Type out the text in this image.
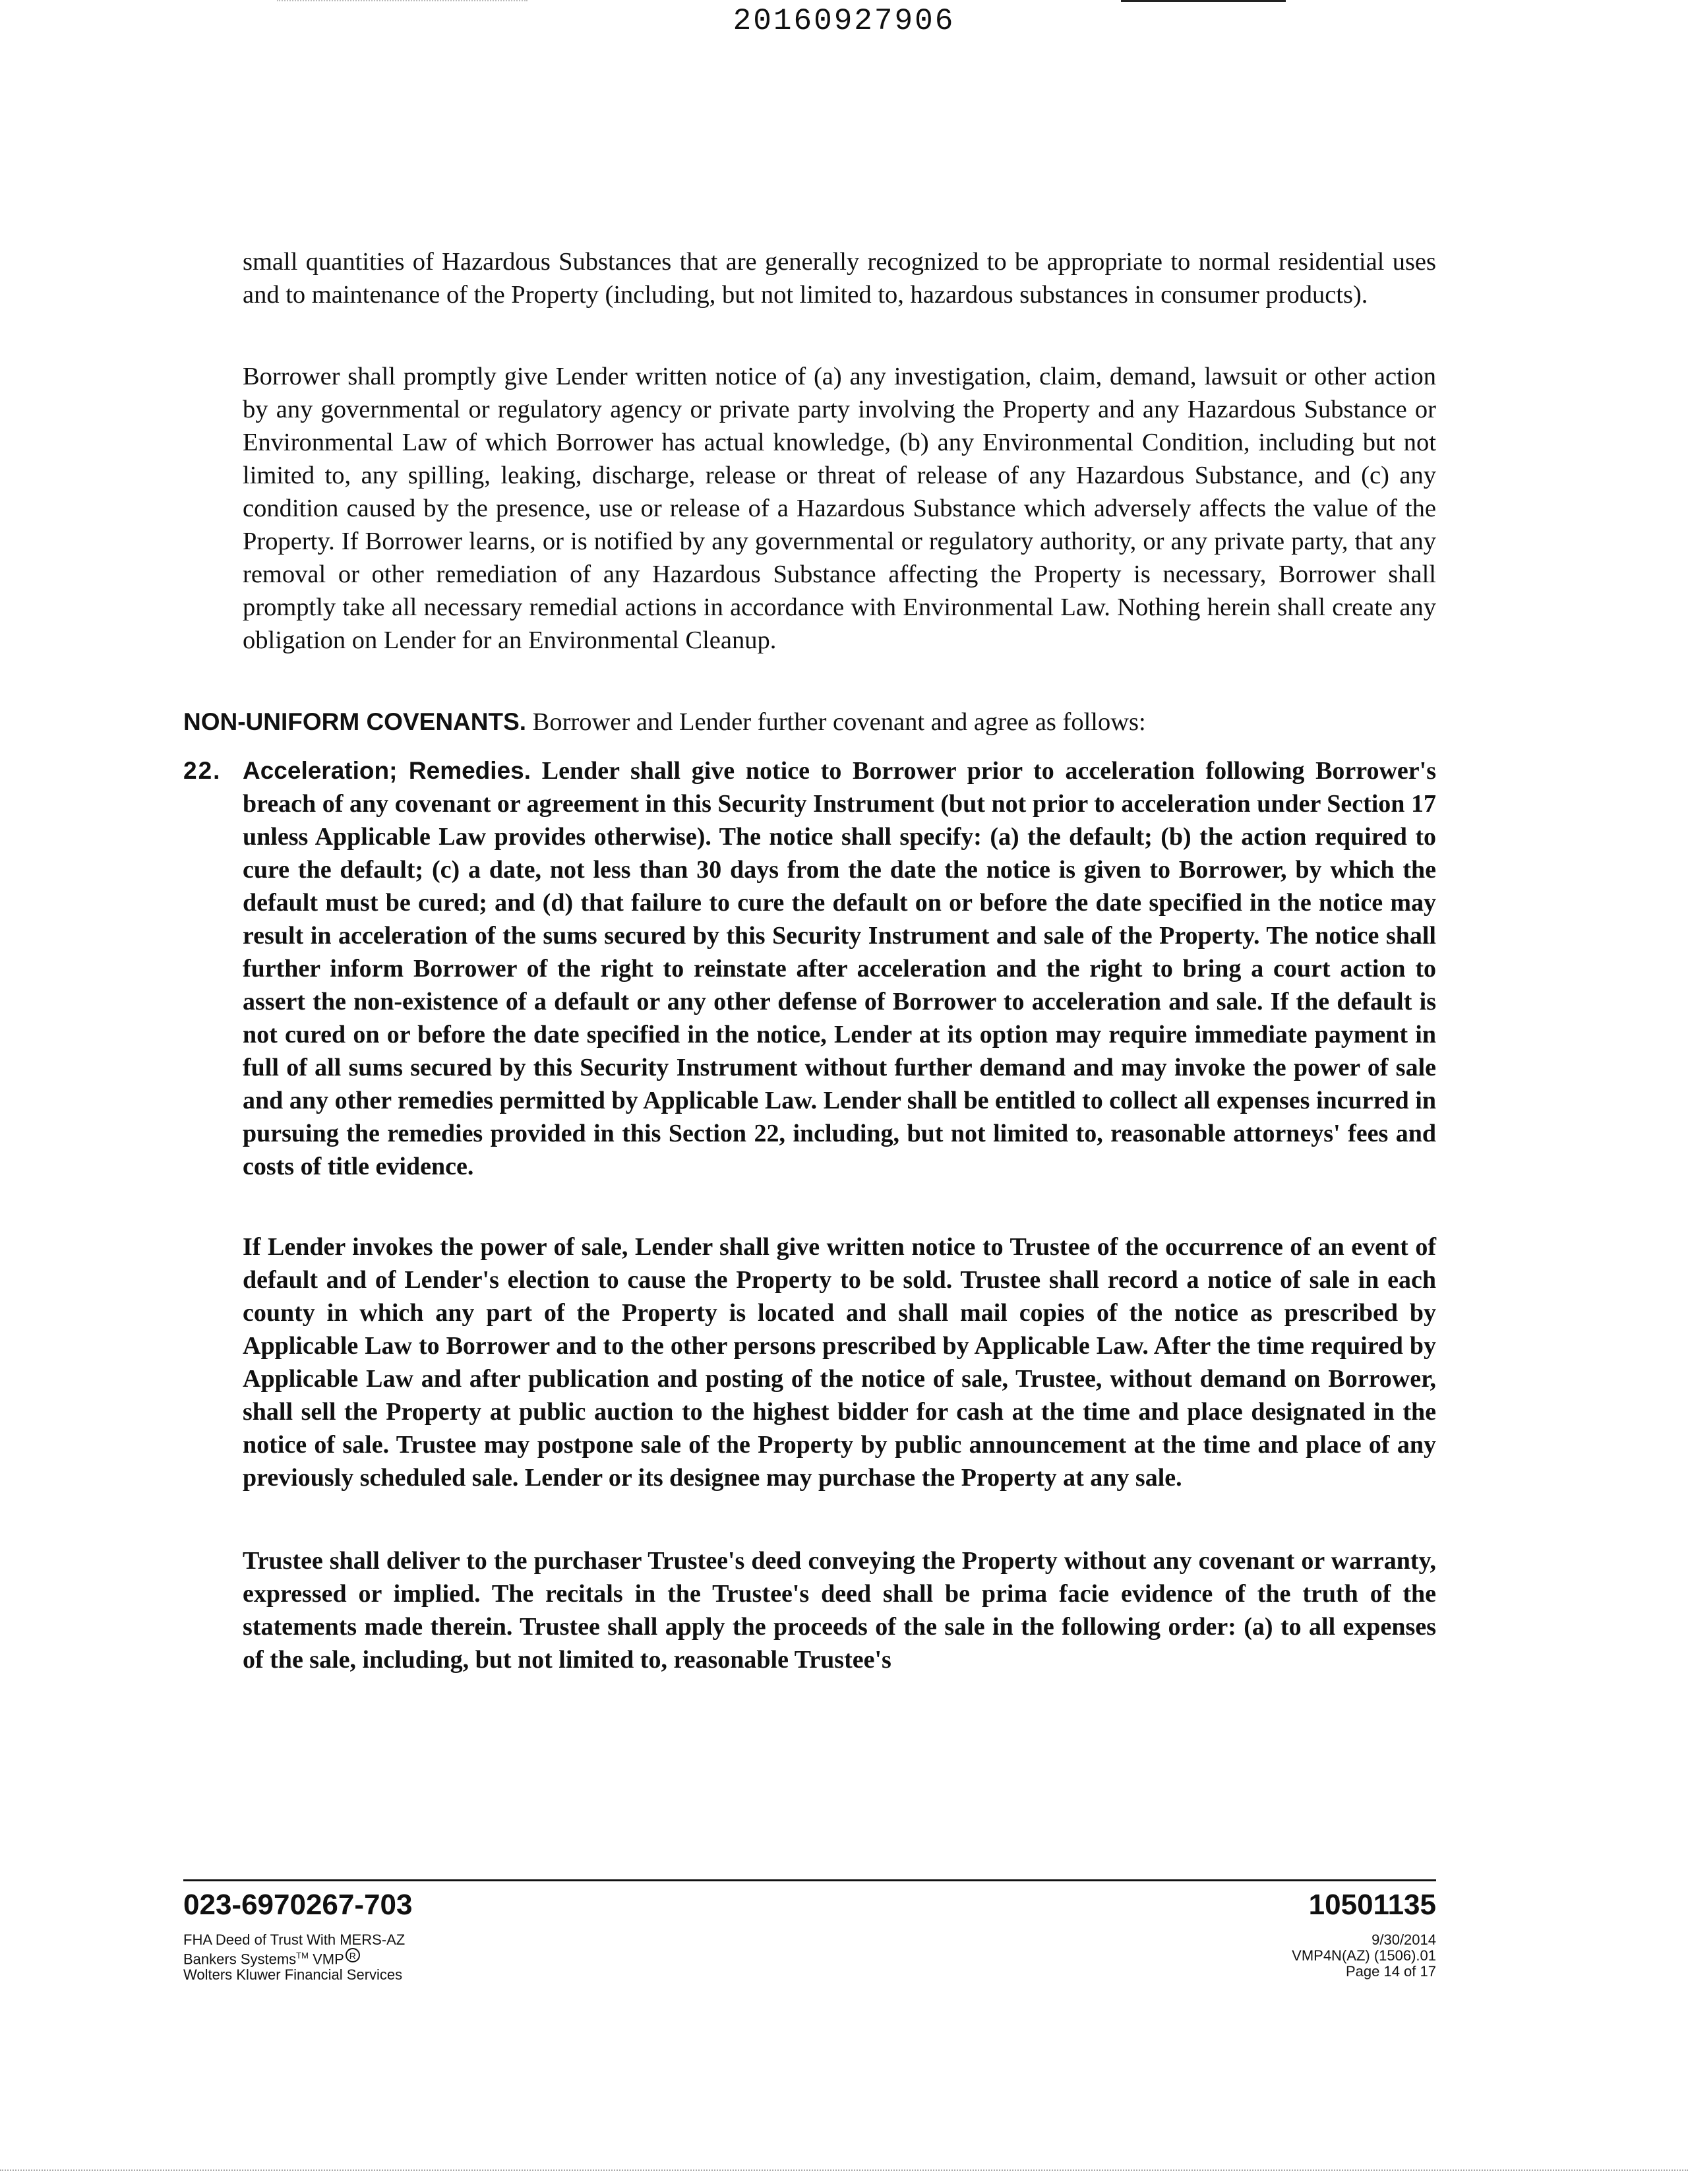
20160927906

small quantities of Hazardous Substances that are generally recognized to be appropriate to normal residential uses and to maintenance of the Property (including, but not limited to, hazardous substances in consumer products).

Borrower shall promptly give Lender written notice of (a) any investigation, claim, demand, lawsuit or other action by any governmental or regulatory agency or private party involving the Property and any Hazardous Substance or Environmental Law of which Borrower has actual knowledge, (b) any Environmental Condition, including but not limited to, any spilling, leaking, discharge, release or threat of release of any Hazardous Substance, and (c) any condition caused by the presence, use or release of a Hazardous Substance which adversely affects the value of the Property. If Borrower learns, or is notified by any governmental or regulatory authority, or any private party, that any removal or other remediation of any Hazardous Substance affecting the Property is necessary, Borrower shall promptly take all necessary remedial actions in accordance with Environmental Law. Nothing herein shall create any obligation on Lender for an Environmental Cleanup.

NON-UNIFORM COVENANTS. Borrower and Lender further covenant and agree as follows:

22. Acceleration; Remedies. Lender shall give notice to Borrower prior to acceleration following Borrower's breach of any covenant or agreement in this Security Instrument (but not prior to acceleration under Section 17 unless Applicable Law provides otherwise). The notice shall specify: (a) the default; (b) the action required to cure the default; (c) a date, not less than 30 days from the date the notice is given to Borrower, by which the default must be cured; and (d) that failure to cure the default on or before the date specified in the notice may result in acceleration of the sums secured by this Security Instrument and sale of the Property. The notice shall further inform Borrower of the right to reinstate after acceleration and the right to bring a court action to assert the non-existence of a default or any other defense of Borrower to acceleration and sale. If the default is not cured on or before the date specified in the notice, Lender at its option may require immediate payment in full of all sums secured by this Security Instrument without further demand and may invoke the power of sale and any other remedies permitted by Applicable Law. Lender shall be entitled to collect all expenses incurred in pursuing the remedies provided in this Section 22, including, but not limited to, reasonable attorneys' fees and costs of title evidence.

If Lender invokes the power of sale, Lender shall give written notice to Trustee of the occurrence of an event of default and of Lender's election to cause the Property to be sold. Trustee shall record a notice of sale in each county in which any part of the Property is located and shall mail copies of the notice as prescribed by Applicable Law to Borrower and to the other persons prescribed by Applicable Law. After the time required by Applicable Law and after publication and posting of the notice of sale, Trustee, without demand on Borrower, shall sell the Property at public auction to the highest bidder for cash at the time and place designated in the notice of sale. Trustee may postpone sale of the Property by public announcement at the time and place of any previously scheduled sale. Lender or its designee may purchase the Property at any sale.

Trustee shall deliver to the purchaser Trustee's deed conveying the Property without any covenant or warranty, expressed or implied. The recitals in the Trustee's deed shall be prima facie evidence of the truth of the statements made therein. Trustee shall apply the proceeds of the sale in the following order: (a) to all expenses of the sale, including, but not limited to, reasonable Trustee's

023-6970267-703	10501135
FHA Deed of Trust With MERS-AZ
Bankers Systems™ VMP R
Wolters Kluwer Financial Services
9/30/2014
VMP4N(AZ) (1506).01
Page 14 of 17
